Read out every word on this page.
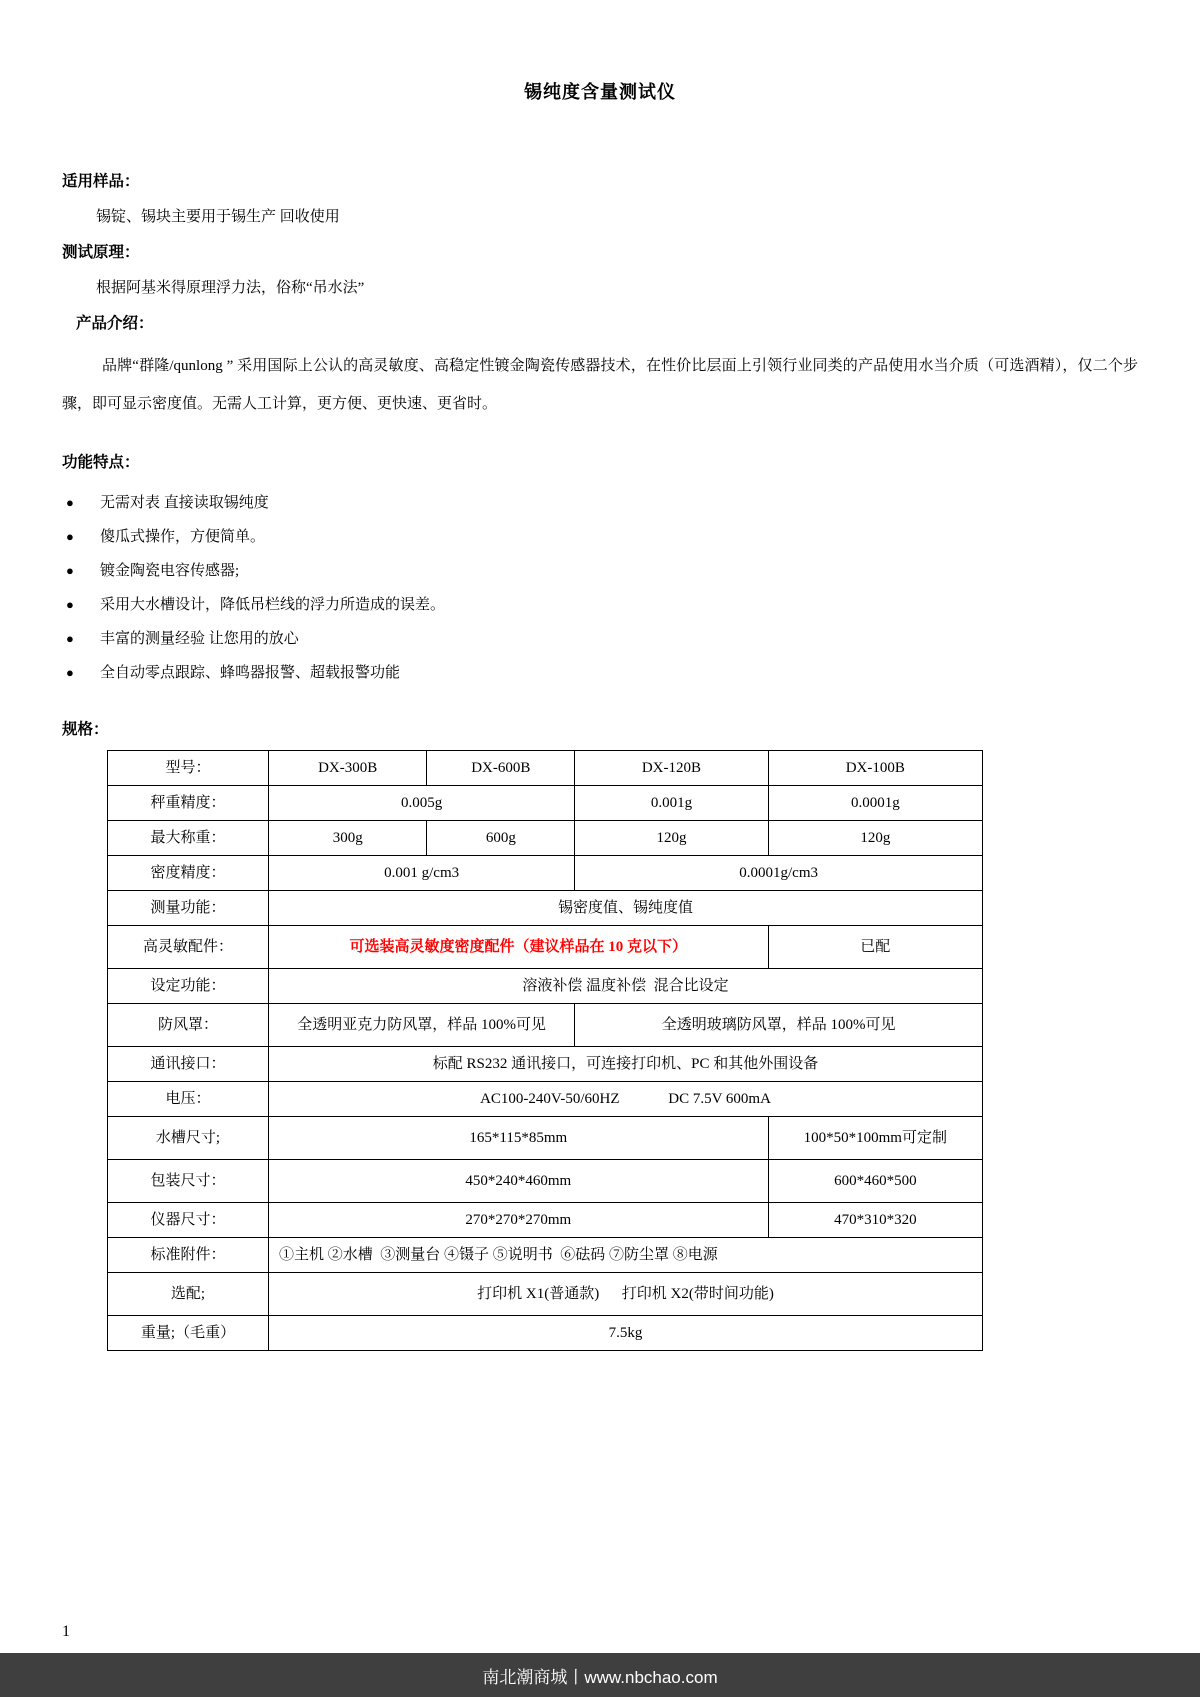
锡纯度含量测试仪
适用样品：
锡锭、锡块主要用于锡生产 回收使用
测试原理：
根据阿基米得原理浮力法，俗称“吊水法”
产品介绍：
品牌“群隆/qunlong ” 采用国际上公认的高灵敏度、高稳定性镀金陶瓷传感器技术，在性价比层面上引领行业同类的产品使用水当介质（可选酒精），仅二个步骤，即可显示密度值。无需人工计算，更方便、更快速、更省时。
功能特点：
●	无需对表 直接读取锡纯度
●	傻瓜式操作，方便简单。
●	镀金陶瓷电容传感器;
●	采用大水槽设计，降低吊栏线的浮力所造成的误差。
●	丰富的测量经验 让您用的放心
●	全自动零点跟踪、蜂鸣器报警、超载报警功能
规格：
型号：	DX-300B	DX-600B	DX-120B	DX-100B
秤重精度：	0.005g		0.001g	0.0001g
最大称重：	300g	600g	120g	120g
密度精度：	0.001 g/cm3		0.0001g/cm3	
测量功能：	锡密度值、锡纯度值			
高灵敏配件：	可选装高灵敏度密度配件（建议样品在 10 克以下）			已配
设定功能：	溶液补偿 温度补偿  混合比设定			
防风罩：	全透明亚克力防风罩，样品 100%可见		全透明玻璃防风罩，样品 100%可见	
通讯接口：	标配 RS232 通讯接口，可连接打印机、PC 和其他外围设备			
电压：	AC100-240V-50/60HZ             DC 7.5V 600mA			
水槽尺寸;	165*115*85mm			100*50*100mm可定制
包装尺寸：	450*240*460mm			600*460*500
仪器尺寸：	270*270*270mm			470*310*320
标准附件：	①主机 ②水槽  ③测量台 ④镊子 ⑤说明书  ⑥砝码 ⑦防尘罩 ⑧电源			
选配;	打印机 X1(普通款)      打印机 X2(带时间功能)			
重量;（毛重）	7.5kg			
1
南北潮商城丨www.nbchao.com
